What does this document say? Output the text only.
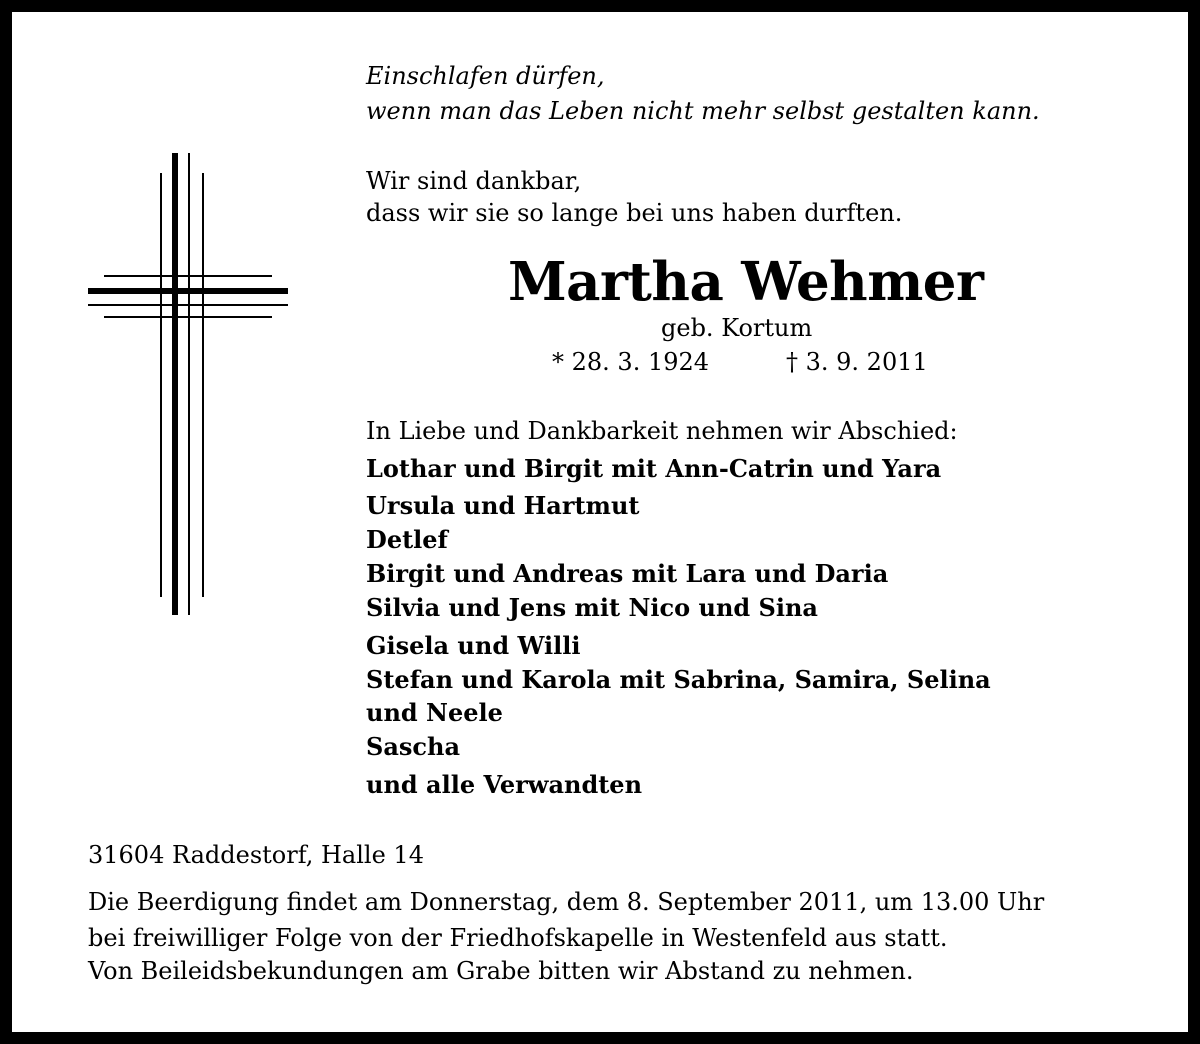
Einschlafen dürfen,
wenn man das Leben nicht mehr selbst gestalten kann.
Wir sind dankbar,
dass wir sie so lange bei uns haben durften.
Martha Wehmer
geb. Kortum
* 28. 3. 1924	† 3. 9. 2011
In Liebe und Dankbarkeit nehmen wir Abschied:
Lothar und Birgit mit Ann-Catrin und Yara
Ursula und Hartmut
Detlef
Birgit und Andreas mit Lara und Daria
Silvia und Jens mit Nico und Sina
Gisela und Willi
Stefan und Karola mit Sabrina, Samira, Selina
und Neele
Sascha
und alle Verwandten
31604 Raddestorf, Halle 14
Die Beerdigung findet am Donnerstag, dem 8. September 2011, um 13.00 Uhr
bei freiwilliger Folge von der Friedhofskapelle in Westenfeld aus statt.
Von Beileidsbekundungen am Grabe bitten wir Abstand zu nehmen.
